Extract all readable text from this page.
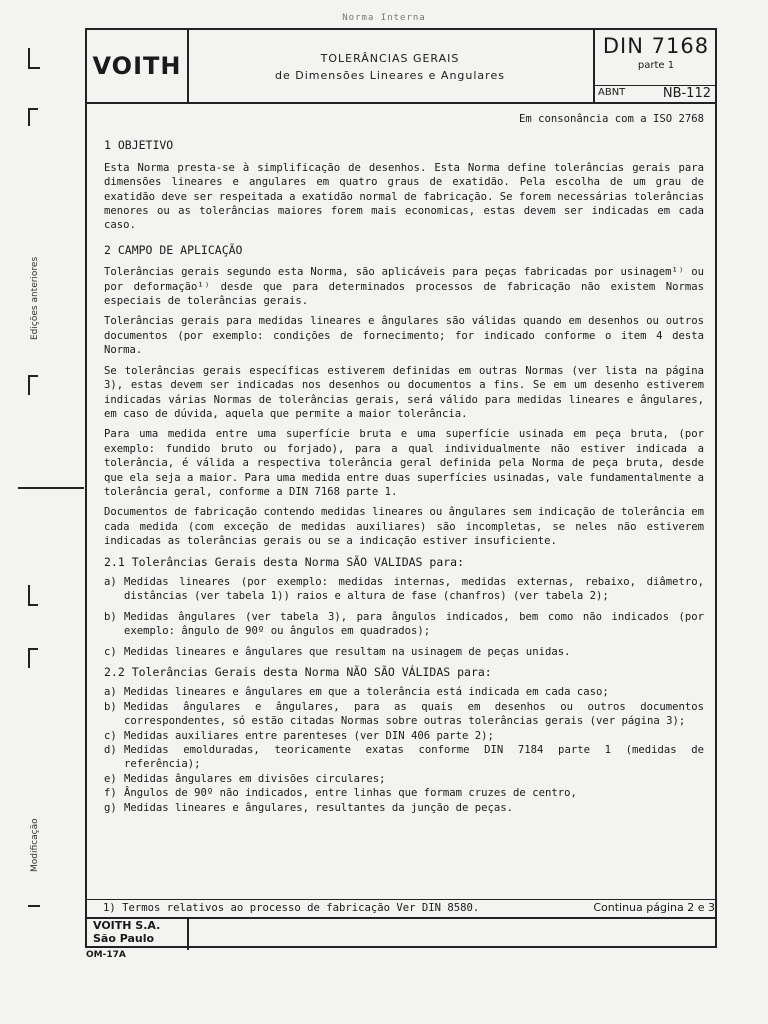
Norma Interna
Edições anteriores
Modificação
VOITH	TOLERÂNCIAS GERAIS
de Dimensões Lineares e Angulares
DIN 7168
parte 1
ABNT	NB-112
Em consonância com a ISO 2768
1 OBJETIVO

Esta Norma presta-se à simplificação de desenhos. Esta Norma define tolerâncias gerais para dimensões lineares e angulares em quatro graus de exatidão. Pela escolha de um grau de exatidão deve ser respeitada a exatidão normal de fabricação. Se forem necessárias tolerâncias menores ou as tolerâncias maiores forem mais economicas, estas devem ser indicadas em cada caso.

2 CAMPO DE APLICAÇÃO

Tolerâncias gerais segundo esta Norma, são aplicáveis para peças fabricadas por usinagem¹⁾ ou por deformação¹⁾ desde que para determinados processos de fabricação não existem Normas especiais de tolerâncias gerais.

Tolerâncias gerais para medidas lineares e ângulares são válidas quando em desenhos ou outros documentos (por exemplo: condições de fornecimento; for indicado conforme o item 4 desta Norma.

Se tolerâncias gerais específicas estiverem definidas em outras Normas (ver lista na página 3), estas devem ser indicadas nos desenhos ou documentos a fins. Se em um desenho estiverem indicadas várias Normas de tolerâncias gerais, será válido para medidas lineares e ângulares, em caso de dúvida, aquela que permite a maior tolerância.

Para uma medida entre uma superfície bruta e uma superfície usinada em peça bruta, (por exemplo: fundido bruto ou forjado), para a qual individualmente não estiver indicada a tolerância, é válida a respectiva tolerância geral definida pela Norma de peça bruta, desde que ela seja a maior. Para uma medida entre duas superfícies usinadas, vale fundamentalmente a tolerância geral, conforme a DIN 7168 parte 1.

Documentos de fabricação contendo medidas lineares ou ângulares sem indicação de tolerância em cada medida (com exceção de medidas auxiliares) são incompletas, se neles não estiverem indicadas as tolerâncias gerais ou se a indicação estiver insuficiente.

2.1 Tolerâncias Gerais desta Norma SÃO VALIDAS para:
a) Medidas lineares (por exemplo: medidas internas, medidas externas, rebaixo, diâmetro, distâncias (ver tabela 1)) raios e altura de fase (chanfros) (ver tabela 2);
b) Medidas ângulares (ver tabela 3), para ângulos indicados, bem como não indicados (por exemplo: ângulo de 90º ou ângulos em quadrados);
c) Medidas lineares e ângulares que resultam na usinagem de peças unidas.
2.2 Tolerâncias Gerais desta Norma NÃO SÃO VÁLIDAS para:
a) Medidas lineares e ângulares em que a tolerância está indicada em cada caso;
b) Medidas ângulares e ângulares, para as quais em desenhos ou outros documentos correspondentes, só estão citadas Normas sobre outras tolerâncias gerais (ver página 3);
c) Medidas auxiliares entre parenteses (ver DIN 406 parte 2);
d) Medidas emolduradas, teoricamente exatas conforme DIN 7184 parte 1 (medidas de referência);
e) Medidas ângulares em divisões circulares;
f) Ângulos de 90º não indicados, entre linhas que formam cruzes de centro,
g) Medidas lineares e ângulares, resultantes da junção de peças.
1) Termos relativos ao processo de fabricação Ver DIN 8580.	Continua página 2 e 3
VOITH S.A.
São Paulo
OM-17A
